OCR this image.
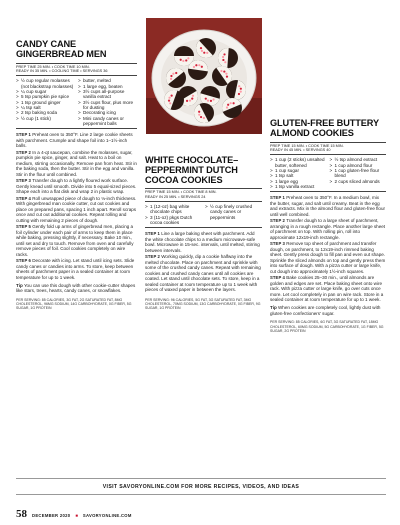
CANDY CANE
GINGERBREAD MEN
PREP TIME 25 MIN. • COOK TIME 10 MIN.
READY IN 35 MIN. • COOLING TIME • SERVINGS 36
> ½ cup regular molasses (not blackstrap molasses)
> ¼ cup sugar
> 5 tsp pumpkin pie spice
> 1 tsp ground ginger
> ¼ tsp salt
> 2 tsp baking soda
> ½ cup (1 stick)
> butter, melted
> 1 large egg, beaten
> 3½ cups all-purpose vanilla extract
> 3½ cups flour, plus more for dusting
> Decorating icing
> Mini candy canes or peppermint balls

STEP 1 Preheat oven to 350°F. Line 2 large cookie sheets with parchment. Crumple and shape foil into 1–1½-inch balls.

STEP 2 In a 4-qt saucepan, combine the molasses, sugar, pumpkin pie spice, ginger, and salt. Heat to a boil on medium, stirring occasionally. Remove pan from heat. Stir in the baking soda, then the butter. Stir in the egg and vanilla. Stir in the flour until combined.

STEP 3 Transfer dough to a lightly floured work surface. Gently knead until smooth. Divide into 5 equal-sized pieces. Shape each into a flat disk and wrap 2 in plastic wrap.

STEP 4 Roll unwrapped piece of dough to ⅛-inch thickness. With gingerbread man cookie cutter, cut out cookies and place on prepared pans, spacing 1 inch apart. Reroll scraps once and cut out additional cookies. Repeat rolling and cutting with remaining 2 pieces of dough.

STEP 5 Gently fold up arms of gingerbread men, placing a foil cylinder under each pair of arms to keep them in place while baking, pressing slightly, if necessary. Bake 10 min., until set and dry to touch. Remove from oven and carefully remove pieces of foil. Cool cookies completely on wire racks.

STEP 6 Decorate with icing. Let stand until icing sets. Slide candy canes or candies into arms. To store, keep between sheets of parchment paper in a sealed container at room temperature for up to 1 week.

Tip You can use this dough with other cookie-cutter shapes like stars, trees, hearts, candy canes, or snowflakes.
PER SERVING: 85 CALORIES, 3G FAT, 2G SATURATED FAT, 8MG CHOLESTEROL, 96MG SODIUM, 14G CARBOHYDRATE, 0G FIBER, 5G SUGAR, 1G PROTEIN
WHITE CHOCOLATE–
PEPPERMINT DUTCH
COCOA COOKIES
PREP TIME 15 MIN. • COOK TIME 8 MIN.
READY IN 25 MIN. • SERVINGS 24
> 1 (12-oz) bag white chocolate chips
> 3 (11-oz) pkgs Dutch cocoa cookies
> ½ cup finely crushed candy canes or peppermints

STEP 1 Line a large baking sheet with parchment. Add the white chocolate chips to a medium microwave-safe bowl. Microwave in 15-sec. intervals, until melted, stirring between intervals.

STEP 2 Working quickly, dip a cookie halfway into the melted chocolate. Place on parchment and sprinkle with some of the crushed candy canes. Repeat with remaining cookies and crushed candy canes until all cookies are coated. Let stand until chocolate sets. To store, keep in a sealed container at room temperature up to 1 week with pieces of waxed paper in between the layers.

PER SERVING: 96 CALORIES, 5G FAT, 3G SATURATED FAT, 3MG CHOLESTEROL, 70MG SODIUM, 13G CARBOHYDRATE, 0G FIBER, 9G SUGAR, 1G PROTEIN
GLUTEN-FREE BUTTERY
ALMOND COOKIES
PREP TIME 15 MIN. • COOK TIME 15 MIN.
READY IN 45 MIN. • SERVINGS 40
> 1 cup (2 sticks) unsalted butter, softened
> 1 cup sugar
> 1 tsp salt
> 1 large egg
> 1 tsp vanilla extract
> ½ tsp almond extract
> 1 cup almond flour
> 1 cup gluten-free flour blend
> 2 cups sliced almonds

STEP 1 Preheat oven to 350°F. In a medium bowl, mix the butter, sugar, and salt until creamy. Beat in the egg and extracts. Mix in the almond flour and gluten-free flour until well combined.

STEP 2 Transfer dough to a large sheet of parchment, arranging in a rough rectangle. Place another large sheet of parchment on top. With rolling pin, roll into approximate 12x19-inch rectangle.

STEP 3 Remove top sheet of parchment and transfer dough, on parchment, to 12x19-inch rimmed baking sheet. Gently press dough to fill pan and even out shape. Sprinkle the sliced almonds on top and gently press them into surface of dough. With a pizza cutter or large knife, cut dough into approximately 1½-inch squares.

STEP 4 Bake cookies 25–30 min., until almonds are golden and edges are set. Place baking sheet onto wire rack. With pizza cutter or large knife, go over cuts once more. Let cool completely in pan on wire rack. Store in a sealed container at room temperature for up to 1 week.

Tip When cookies are completely cool, lightly dust with gluten-free confectioners' sugar.
PER SERVING: 85 CALORIES, 6G FAT, 3G SATURATED FAT, 18MG CHOLESTEROL, 60MG SODIUM, 5G CARBOHYDRATE, 1G FIBER, 5G SUGAR, 2G PROTEIN
VISIT SAVORYONLINE.COM FOR MORE RECIPES, VIDEOS, AND IDEAS
58 DECEMBER 2020 ■ SAVORYONLINE.COM
